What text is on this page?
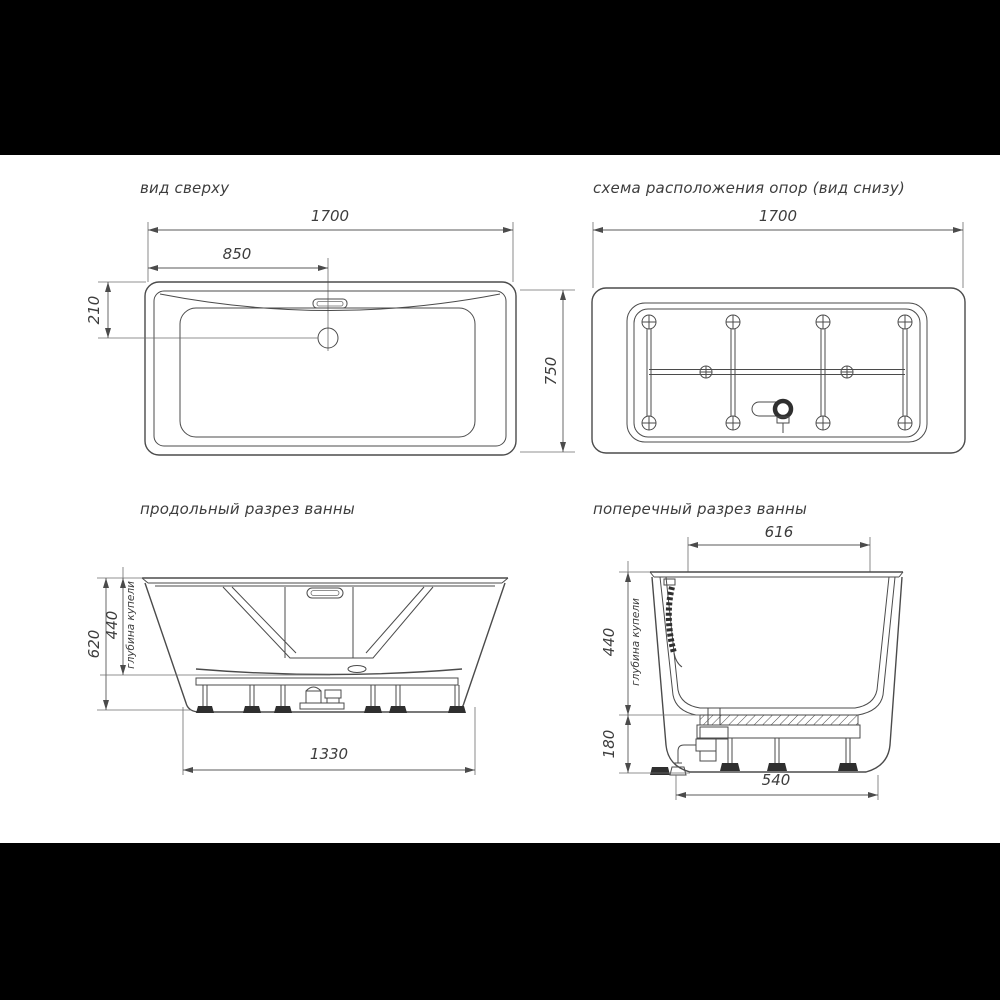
вид сверху	схема расположения опор (вид снизу)
продольный разрез ванны	поперечный разрез ванны
1700
850
210
750
1700
620
440 глубина купели
1330
616
440 глубина купели
180
540
